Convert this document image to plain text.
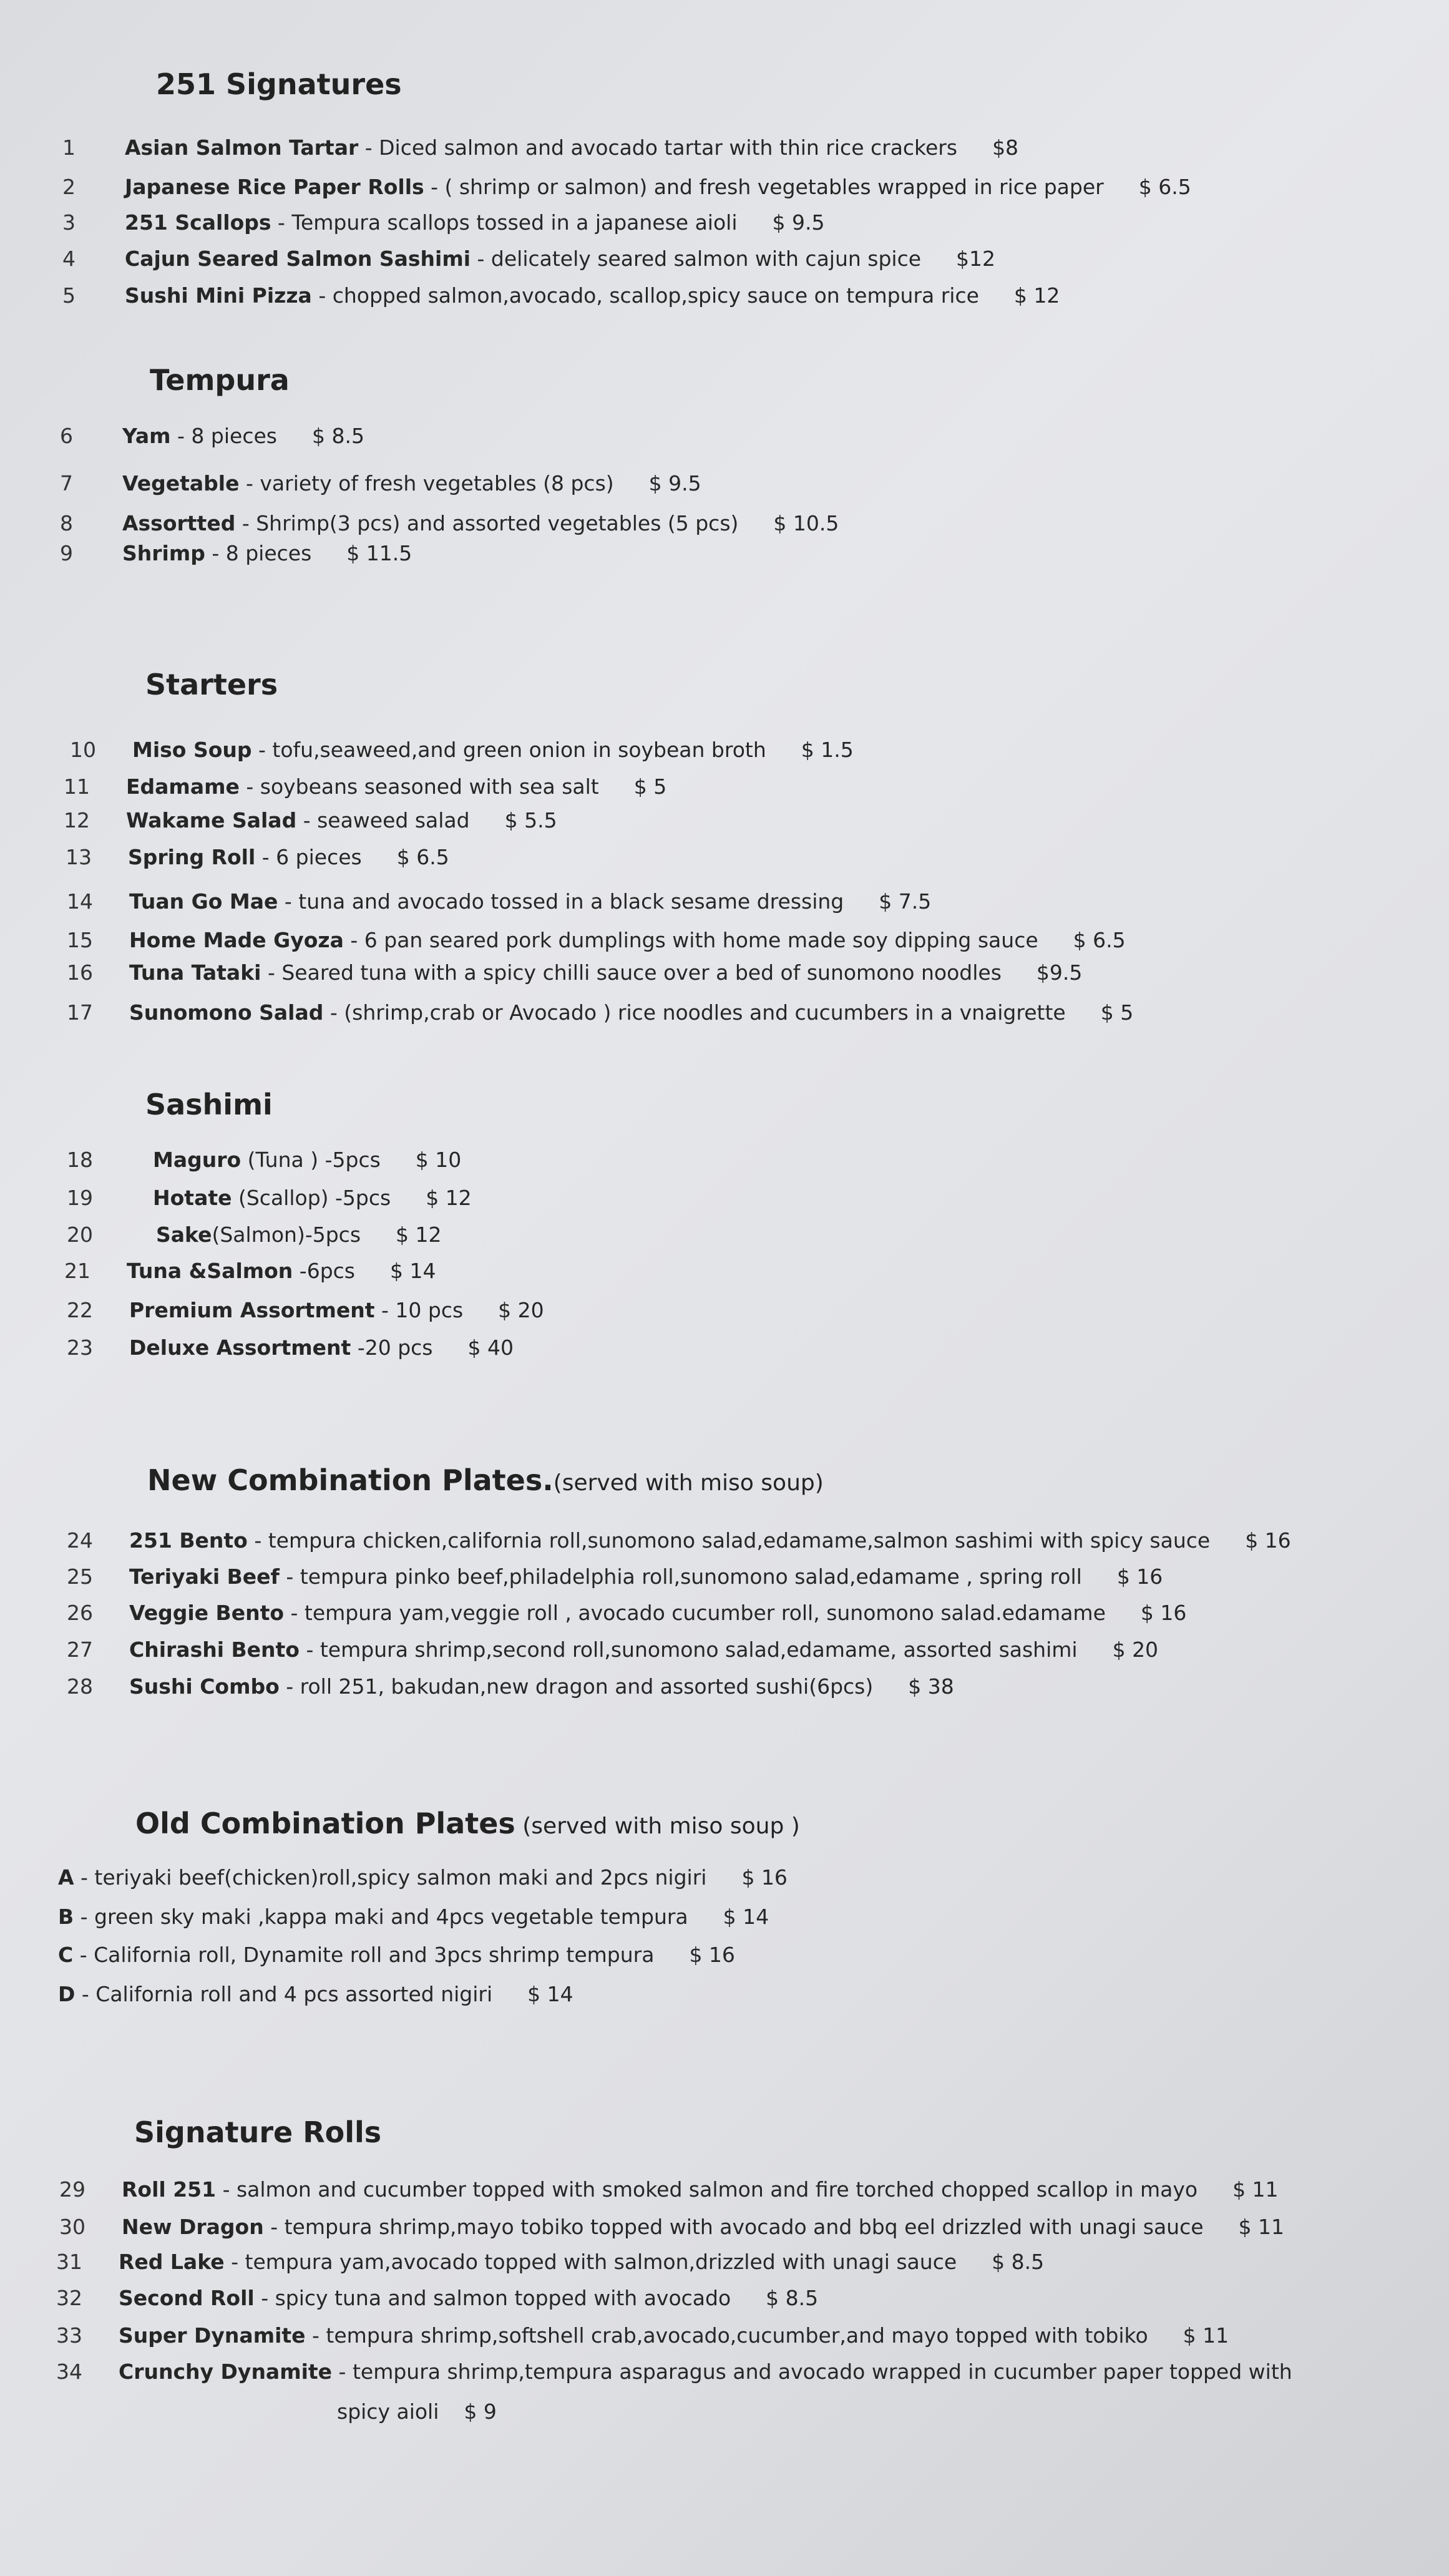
251 Signatures
1	Asian Salmon Tartar - Diced salmon and avocado tartar with thin rice crackers $8
2	Japanese Rice Paper Rolls - ( shrimp or salmon) and fresh vegetables wrapped in rice paper $ 6.5
3	251 Scallops - Tempura scallops tossed in a japanese aioli $ 9.5
4	Cajun Seared Salmon Sashimi - delicately seared salmon with cajun spice $12
5	Sushi Mini Pizza - chopped salmon,avocado, scallop,spicy sauce on tempura rice $ 12
Tempura
6	Yam - 8 pieces $ 8.5
7	Vegetable - variety of fresh vegetables (8 pcs) $ 9.5
8	Assortted - Shrimp(3 pcs) and assorted vegetables (5 pcs) $ 10.5
9	Shrimp - 8 pieces $ 11.5
Starters
10	Miso Soup - tofu,seaweed,and green onion in soybean broth $ 1.5
11	Edamame - soybeans seasoned with sea salt $ 5
12	Wakame Salad - seaweed salad $ 5.5
13	Spring Roll - 6 pieces $ 6.5
14	Tuan Go Mae - tuna and avocado tossed in a black sesame dressing $ 7.5
15	Home Made Gyoza - 6 pan seared pork dumplings with home made soy dipping sauce $ 6.5
16	Tuna Tataki - Seared tuna with a spicy chilli sauce over a bed of sunomono noodles $9.5
17	Sunomono Salad - (shrimp,crab or Avocado ) rice noodles and cucumbers in a vnaigrette $ 5
Sashimi
18	Maguro (Tuna ) -5pcs $ 10
19	Hotate (Scallop) -5pcs $ 12
20	Sake(Salmon)-5pcs $ 12
21	Tuna &Salmon -6pcs $ 14
22	Premium Assortment - 10 pcs $ 20
23	Deluxe Assortment -20 pcs $ 40
New Combination Plates.(served with miso soup)
24	251 Bento - tempura chicken,california roll,sunomono salad,edamame,salmon sashimi with spicy sauce $ 16
25	Teriyaki Beef - tempura pinko beef,philadelphia roll,sunomono salad,edamame , spring roll $ 16
26	Veggie Bento - tempura yam,veggie roll , avocado cucumber roll, sunomono salad.edamame $ 16
27	Chirashi Bento - tempura shrimp,second roll,sunomono salad,edamame, assorted sashimi $ 20
28	Sushi Combo - roll 251, bakudan,new dragon and assorted sushi(6pcs) $ 38
Old Combination Plates (served with miso soup )
A - teriyaki beef(chicken)roll,spicy salmon maki and 2pcs nigiri $ 16
B - green sky maki ,kappa maki and 4pcs vegetable tempura $ 14
C - California roll, Dynamite roll and 3pcs shrimp tempura $ 16
D - California roll and 4 pcs assorted nigiri $ 14
Signature Rolls
29	Roll 251 - salmon and cucumber topped with smoked salmon and fire torched chopped scallop in mayo $ 11
30	New Dragon - tempura shrimp,mayo tobiko topped with avocado and bbq eel drizzled with unagi sauce $ 11
31	Red Lake - tempura yam,avocado topped with salmon,drizzled with unagi sauce $ 8.5
32	Second Roll - spicy tuna and salmon topped with avocado $ 8.5
33	Super Dynamite - tempura shrimp,softshell crab,avocado,cucumber,and mayo topped with tobiko $ 11
34	Crunchy Dynamite - tempura shrimp,tempura asparagus and avocado wrapped in cucumber paper topped with
spicy aioli $ 9
